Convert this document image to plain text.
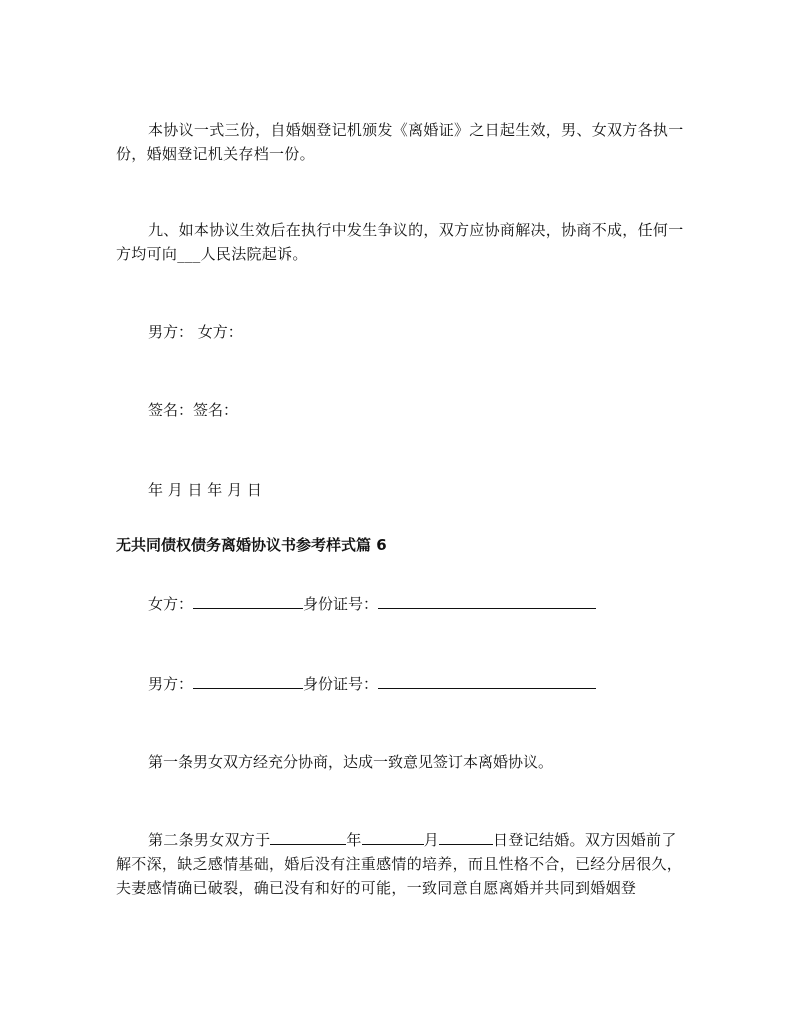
本协议一式三份，自婚姻登记机颁发《离婚证》之日起生效，男、女双方各执一份，婚姻登记机关存档一份。

九、如本协议生效后在执行中发生争议的，双方应协商解决，协商不成，任何一方均可向___人民法院起诉。

男方： 女方：

签名：签名：

年 月 日 年 月 日

无共同债权债务离婚协议书参考样式篇 6

女方：	身份证号：

男方：	身份证号：

第一条男女双方经充分协商，达成一致意见签订本离婚协议。

第二条男女双方于	年	月	日登记结婚。双方因婚前了解不深，缺乏感情基础，婚后没有注重感情的培养，而且性格不合，已经分居很久，夫妻感情确已破裂，确已没有和好的可能，一致同意自愿离婚并共同到婚姻登
